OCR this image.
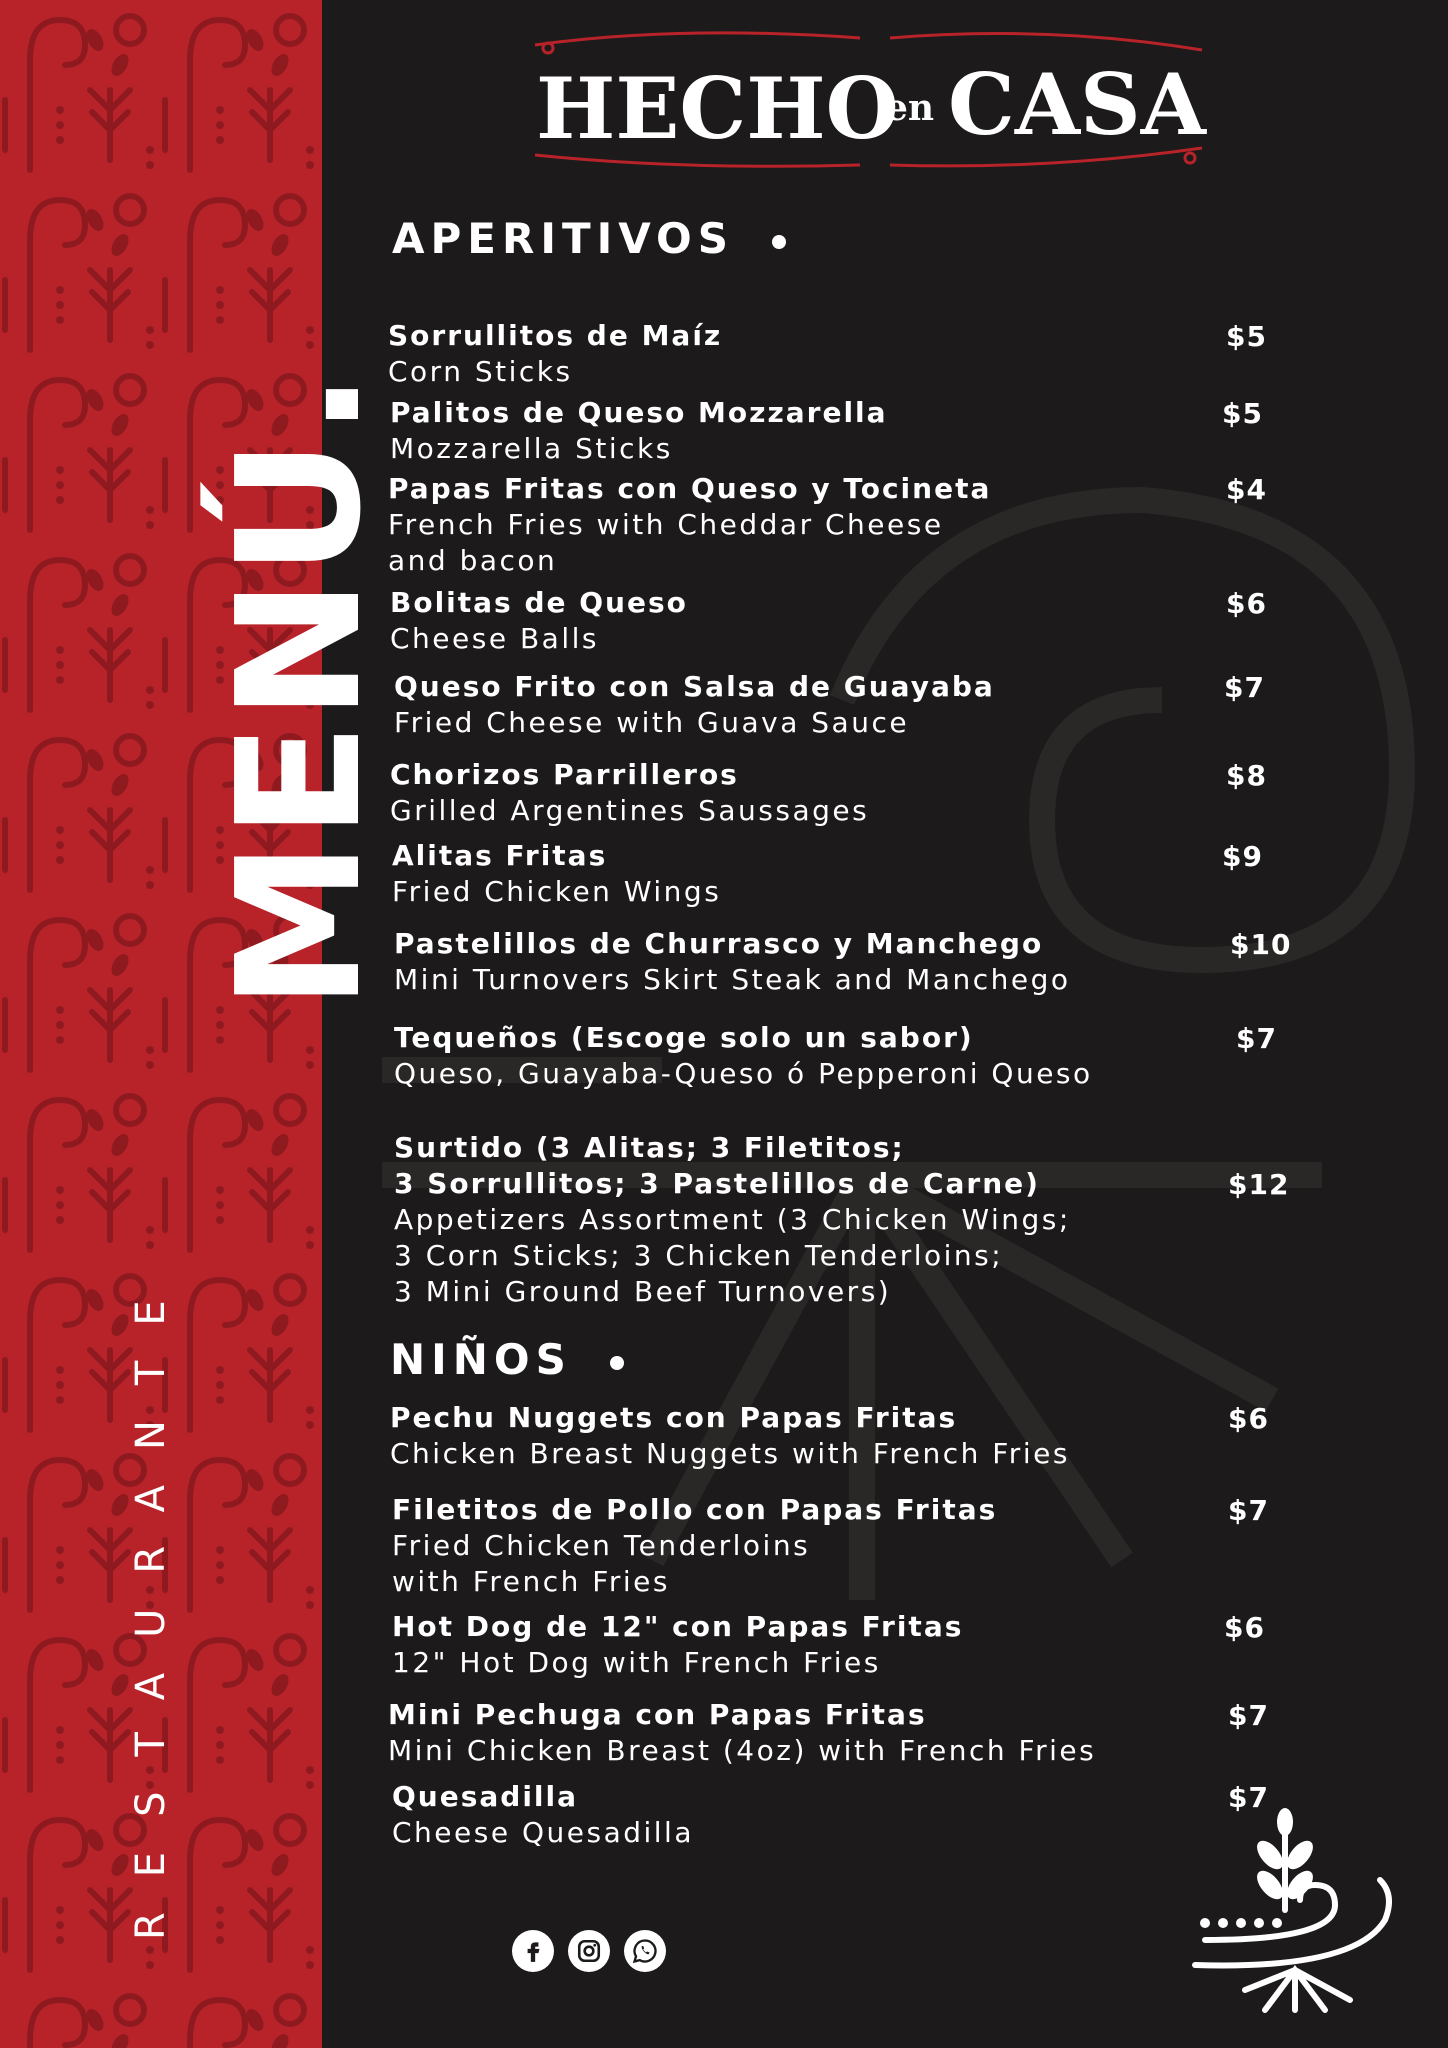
MENÚ.
RESTAURANTE
HECHO
en CASA
APERITIVOS
Sorrullitos de Maíz
Corn Sticks
$5
Palitos de Queso Mozzarella
Mozzarella Sticks
$5
Papas Fritas con Queso y Tocineta
French Fries with Cheddar Cheese
and bacon
$4
Bolitas de Queso
Cheese Balls
$6
Queso Frito con Salsa de Guayaba
Fried Cheese with Guava Sauce
$7
Chorizos Parrilleros
Grilled Argentines Saussages
$8
Alitas Fritas
Fried Chicken Wings
$9
Pastelillos de Churrasco y Manchego
Mini Turnovers Skirt Steak and Manchego
$10
Tequeños (Escoge solo un sabor)
Queso, Guayaba-Queso ó Pepperoni Queso
$7
Surtido (3 Alitas; 3 Filetitos;
3 Sorrullitos; 3 Pastelillos de Carne)
Appetizers Assortment (3 Chicken Wings;
3 Corn Sticks; 3 Chicken Tenderloins;
3 Mini Ground Beef Turnovers)
$12
NIÑOS
Pechu Nuggets con Papas Fritas
Chicken Breast Nuggets with French Fries
$6
Filetitos de Pollo con Papas Fritas
Fried Chicken Tenderloins
with French Fries
$7
Hot Dog de 12" con Papas Fritas
12" Hot Dog with French Fries
$6
Mini Pechuga con Papas Fritas
Mini Chicken Breast (4oz) with French Fries
$7
Quesadilla
Cheese Quesadilla
$7
